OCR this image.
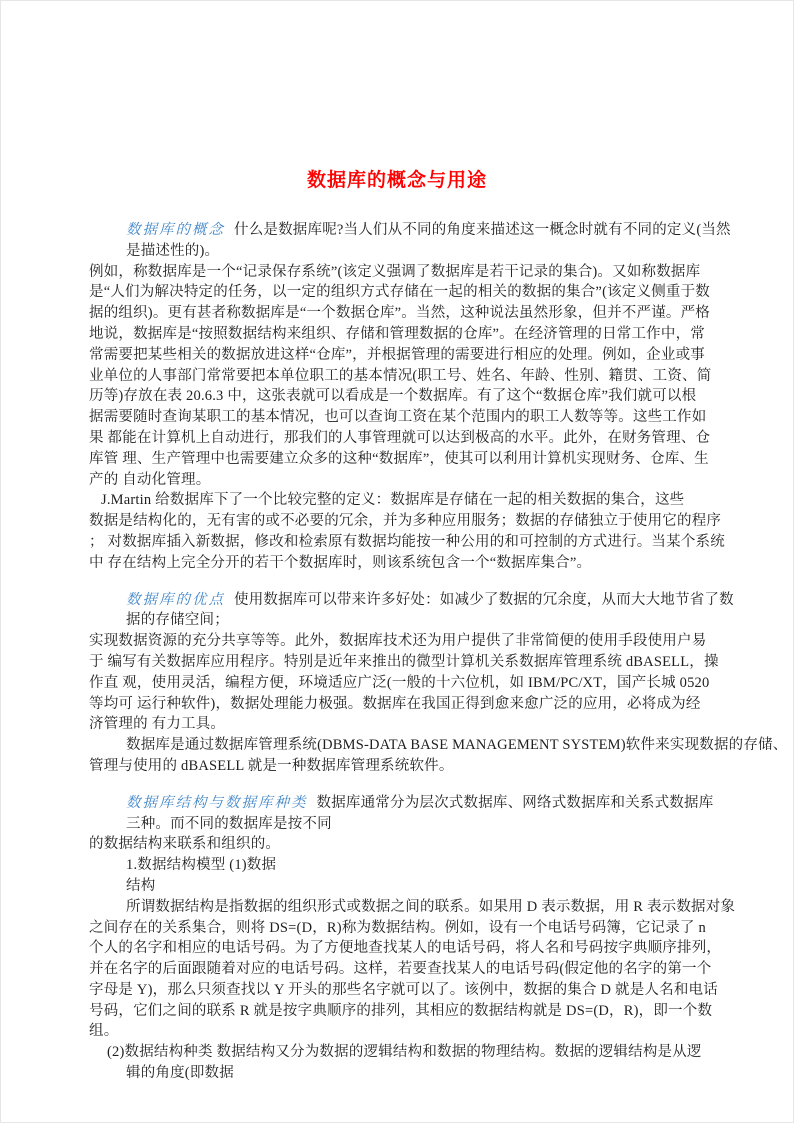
数据库的概念与用途
数据库的概念 什么是数据库呢?当人们从不同的角度来描述这一概念时就有不同的定义(当然
是描述性的)。
例如，称数据库是一个“记录保存系统”(该定义强调了数据库是若干记录的集合)。又如称数据库
是“人们为解决特定的任务，以一定的组织方式存储在一起的相关的数据的集合”(该定义侧重于数
据的组织)。更有甚者称数据库是“一个数据仓库”。当然，这种说法虽然形象，但并不严谨。严格
地说，数据库是“按照数据结构来组织、存储和管理数据的仓库”。在经济管理的日常工作中，常
常需要把某些相关的数据放进这样“仓库”，并根据管理的需要进行相应的处理。例如，企业或事
业单位的人事部门常常要把本单位职工的基本情况(职工号、姓名、年龄、性别、籍贯、工资、简
历等)存放在表 20.6.3 中，这张表就可以看成是一个数据库。有了这个“数据仓库”我们就可以根
据需要随时查询某职工的基本情况，也可以查询工资在某个范围内的职工人数等等。这些工作如
果 都能在计算机上自动进行，那我们的人事管理就可以达到极高的水平。此外，在财务管理、仓
库管 理、生产管理中也需要建立众多的这种“数据库”，使其可以利用计算机实现财务、仓库、生
产的 自动化管理。
J.Martin 给数据库下了一个比较完整的定义：数据库是存储在一起的相关数据的集合，这些
数据是结构化的，无有害的或不必要的冗余，并为多种应用服务；数据的存储独立于使用它的程序
； 对数据库插入新数据，修改和检索原有数据均能按一种公用的和可控制的方式进行。当某个系统
中 存在结构上完全分开的若干个数据库时，则该系统包含一个“数据库集合”。
数据库的优点 使用数据库可以带来许多好处：如减少了数据的冗余度，从而大大地节省了数
据的存储空间；
实现数据资源的充分共享等等。此外，数据库技术还为用户提供了非常简便的使用手段使用户易
于 编写有关数据库应用程序。特别是近年来推出的微型计算机关系数据库管理系统 dBASELL，操
作直 观，使用灵活，编程方便，环境适应广泛(一般的十六位机，如 IBM/PC/XT，国产长城 0520
等均可 运行种软件)，数据处理能力极强。数据库在我国正得到愈来愈广泛的应用，必将成为经
济管理的 有力工具。
数据库是通过数据库管理系统(DBMS-DATA BASE MANAGEMENT SYSTEM)软件来实现数据的存储、
管理与使用的 dBASELL 就是一种数据库管理系统软件。
数据库结构与数据库种类 数据库通常分为层次式数据库、网络式数据库和关系式数据库
三种。而不同的数据库是按不同
的数据结构来联系和组织的。
1.数据结构模型 (1)数据
结构
所谓数据结构是指数据的组织形式或数据之间的联系。如果用 D 表示数据，用 R 表示数据对象
之间存在的关系集合，则将 DS=(D，R)称为数据结构。例如，设有一个电话号码簿，它记录了 n
个人的名字和相应的电话号码。为了方便地查找某人的电话号码，将人名和号码按字典顺序排列，
并在名字的后面跟随着对应的电话号码。这样，若要查找某人的电话号码(假定他的名字的第一个
字母是 Y)，那么只须查找以 Y 开头的那些名字就可以了。该例中，数据的集合 D 就是人名和电话
号码，它们之间的联系 R 就是按字典顺序的排列，其相应的数据结构就是 DS=(D，R)，即一个数
组。
(2)数据结构种类 数据结构又分为数据的逻辑结构和数据的物理结构。数据的逻辑结构是从逻
辑的角度(即数据
